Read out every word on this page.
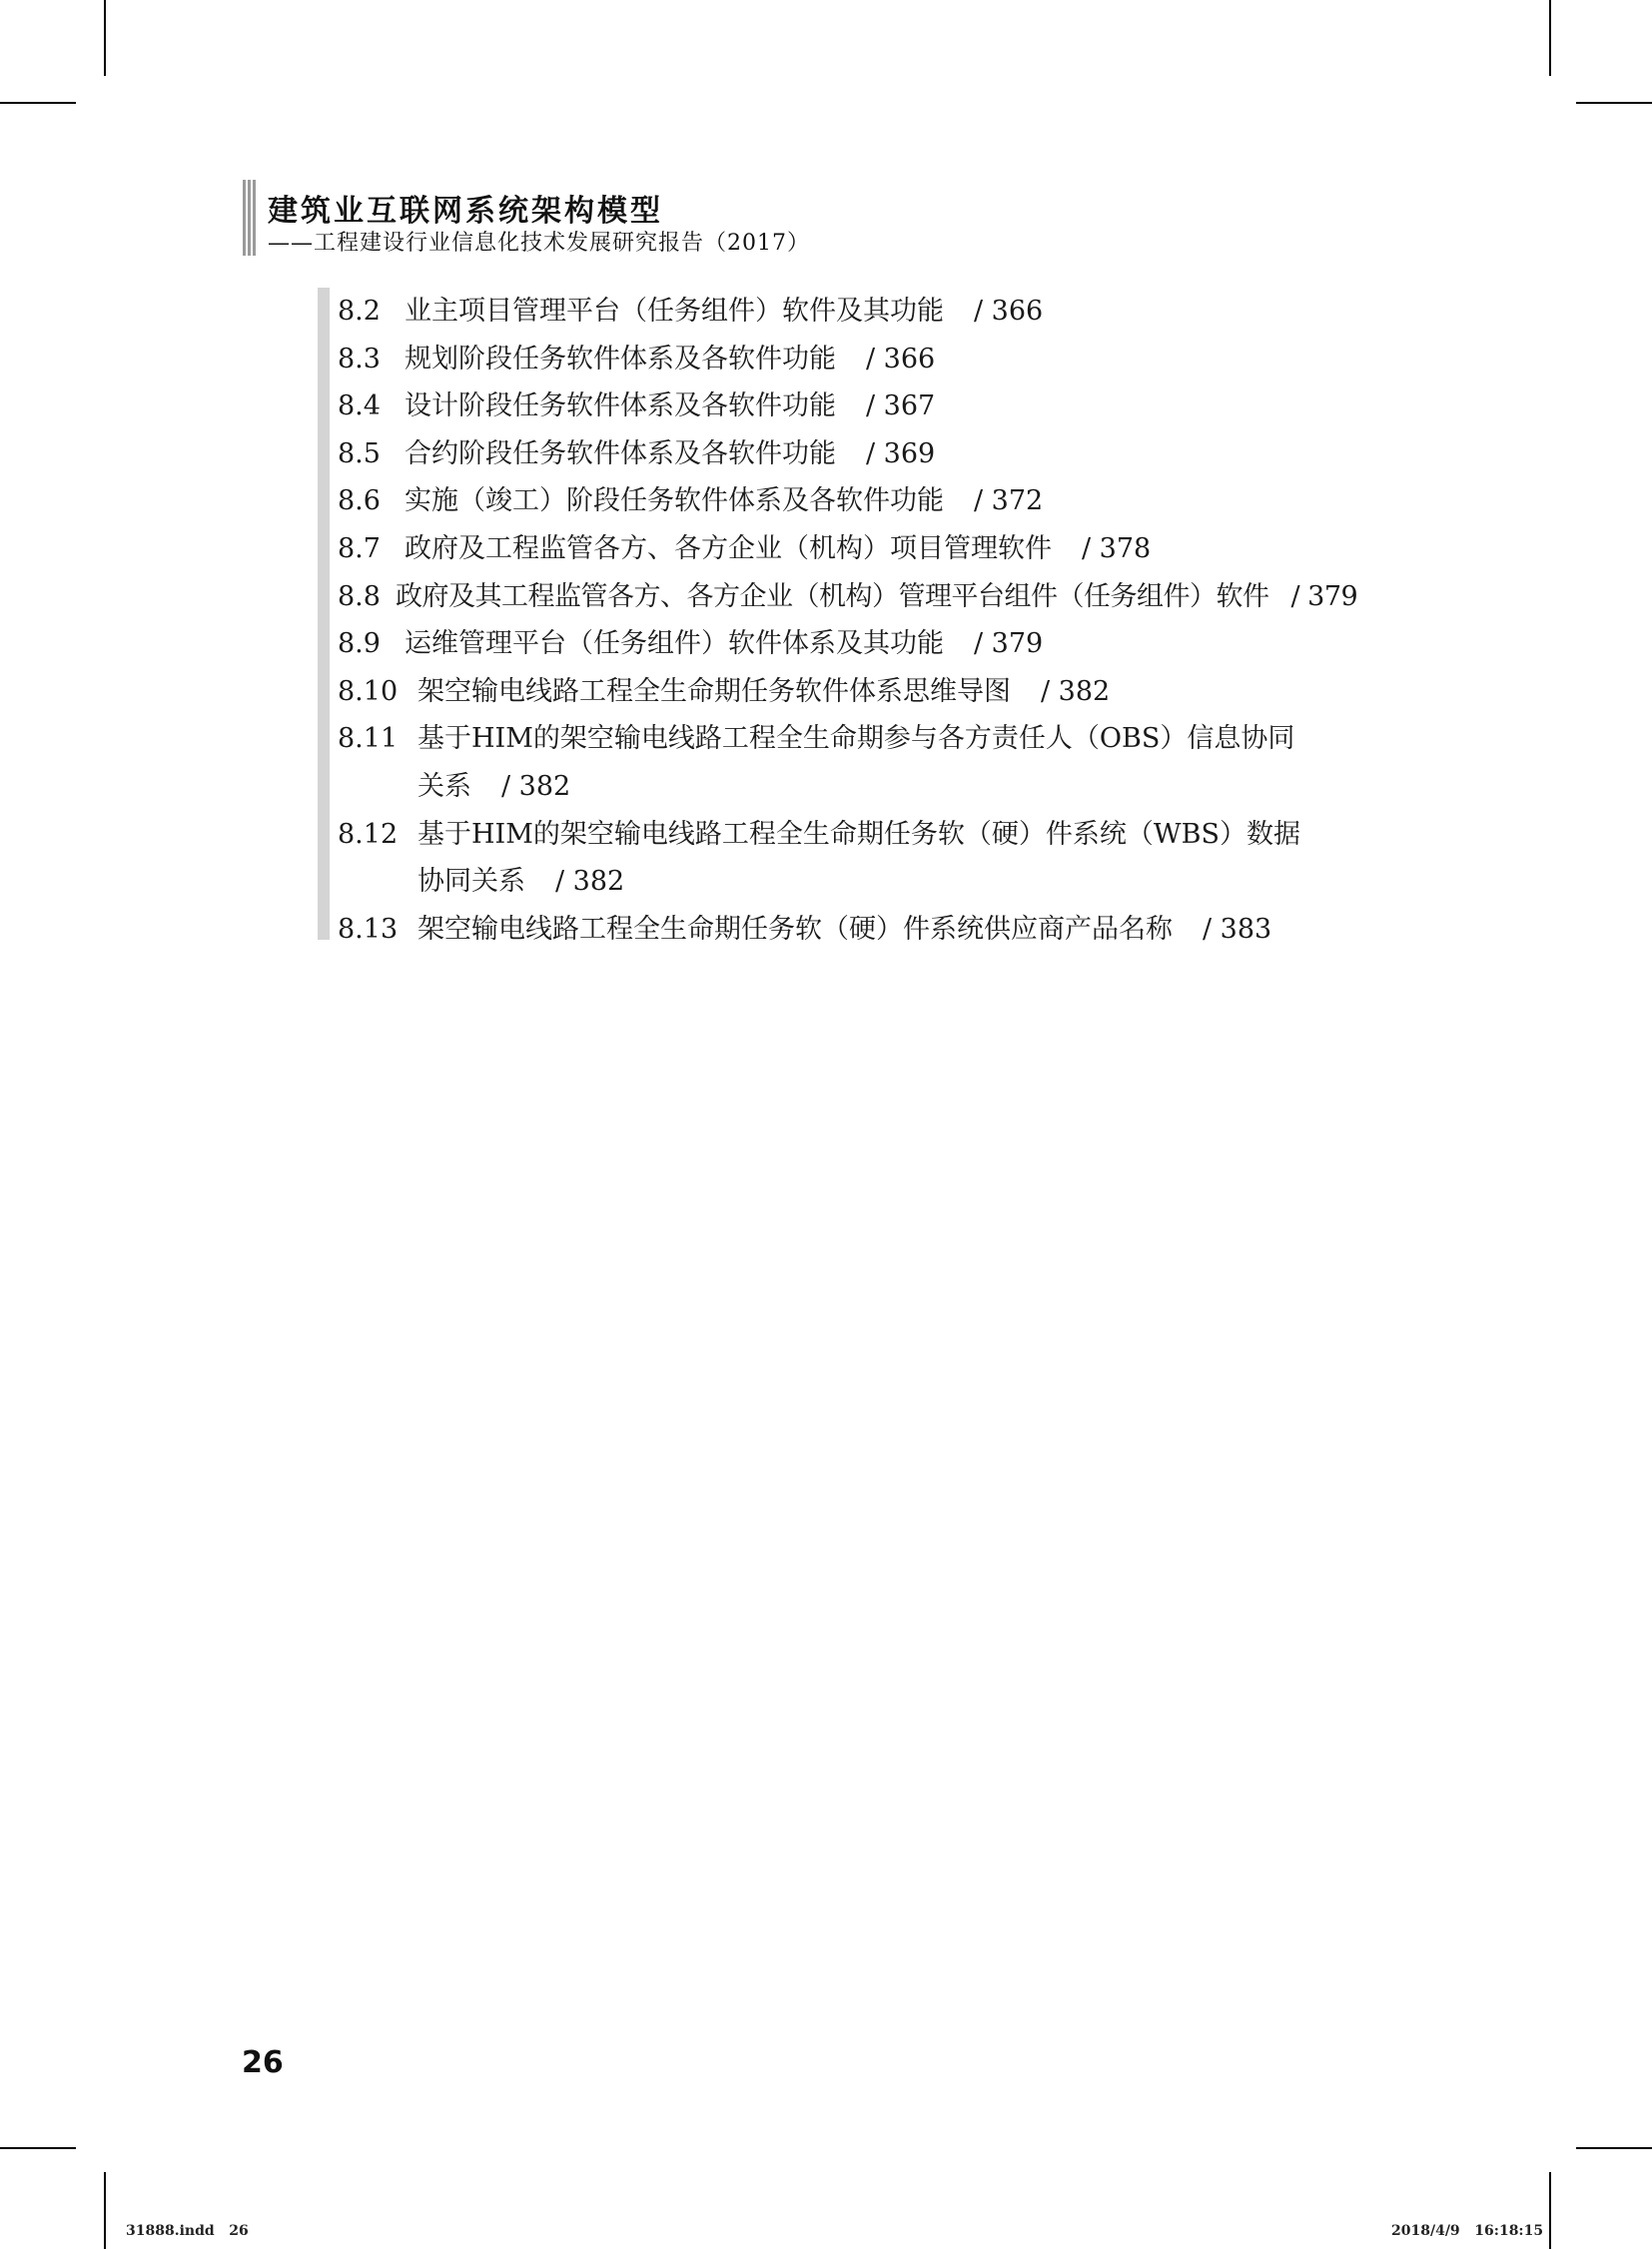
建筑业互联网系统架构模型
——工程建设行业信息化技术发展研究报告（2017）
8.2 业主项目管理平台（任务组件）软件及其功能 / 366
8.3 规划阶段任务软件体系及各软件功能 / 366
8.4 设计阶段任务软件体系及各软件功能 / 367
8.5 合约阶段任务软件体系及各软件功能 / 369
8.6 实施（竣工）阶段任务软件体系及各软件功能 / 372
8.7 政府及工程监管各方、各方企业（机构）项目管理软件 / 378
8.8 政府及其工程监管各方、各方企业（机构）管理平台组件（任务组件）软件 / 379
8.9 运维管理平台（任务组件）软件体系及其功能 / 379
8.10 架空输电线路工程全生命期任务软件体系思维导图 / 382
8.11 基于HIM的架空输电线路工程全生命期参与各方责任人（OBS）信息协同
关系 / 382
8.12 基于HIM的架空输电线路工程全生命期任务软（硬）件系统（WBS）数据
协同关系 / 382
8.13 架空输电线路工程全生命期任务软（硬）件系统供应商产品名称 / 383
26
31888.indd   26	2018/4/9   16:18:15
